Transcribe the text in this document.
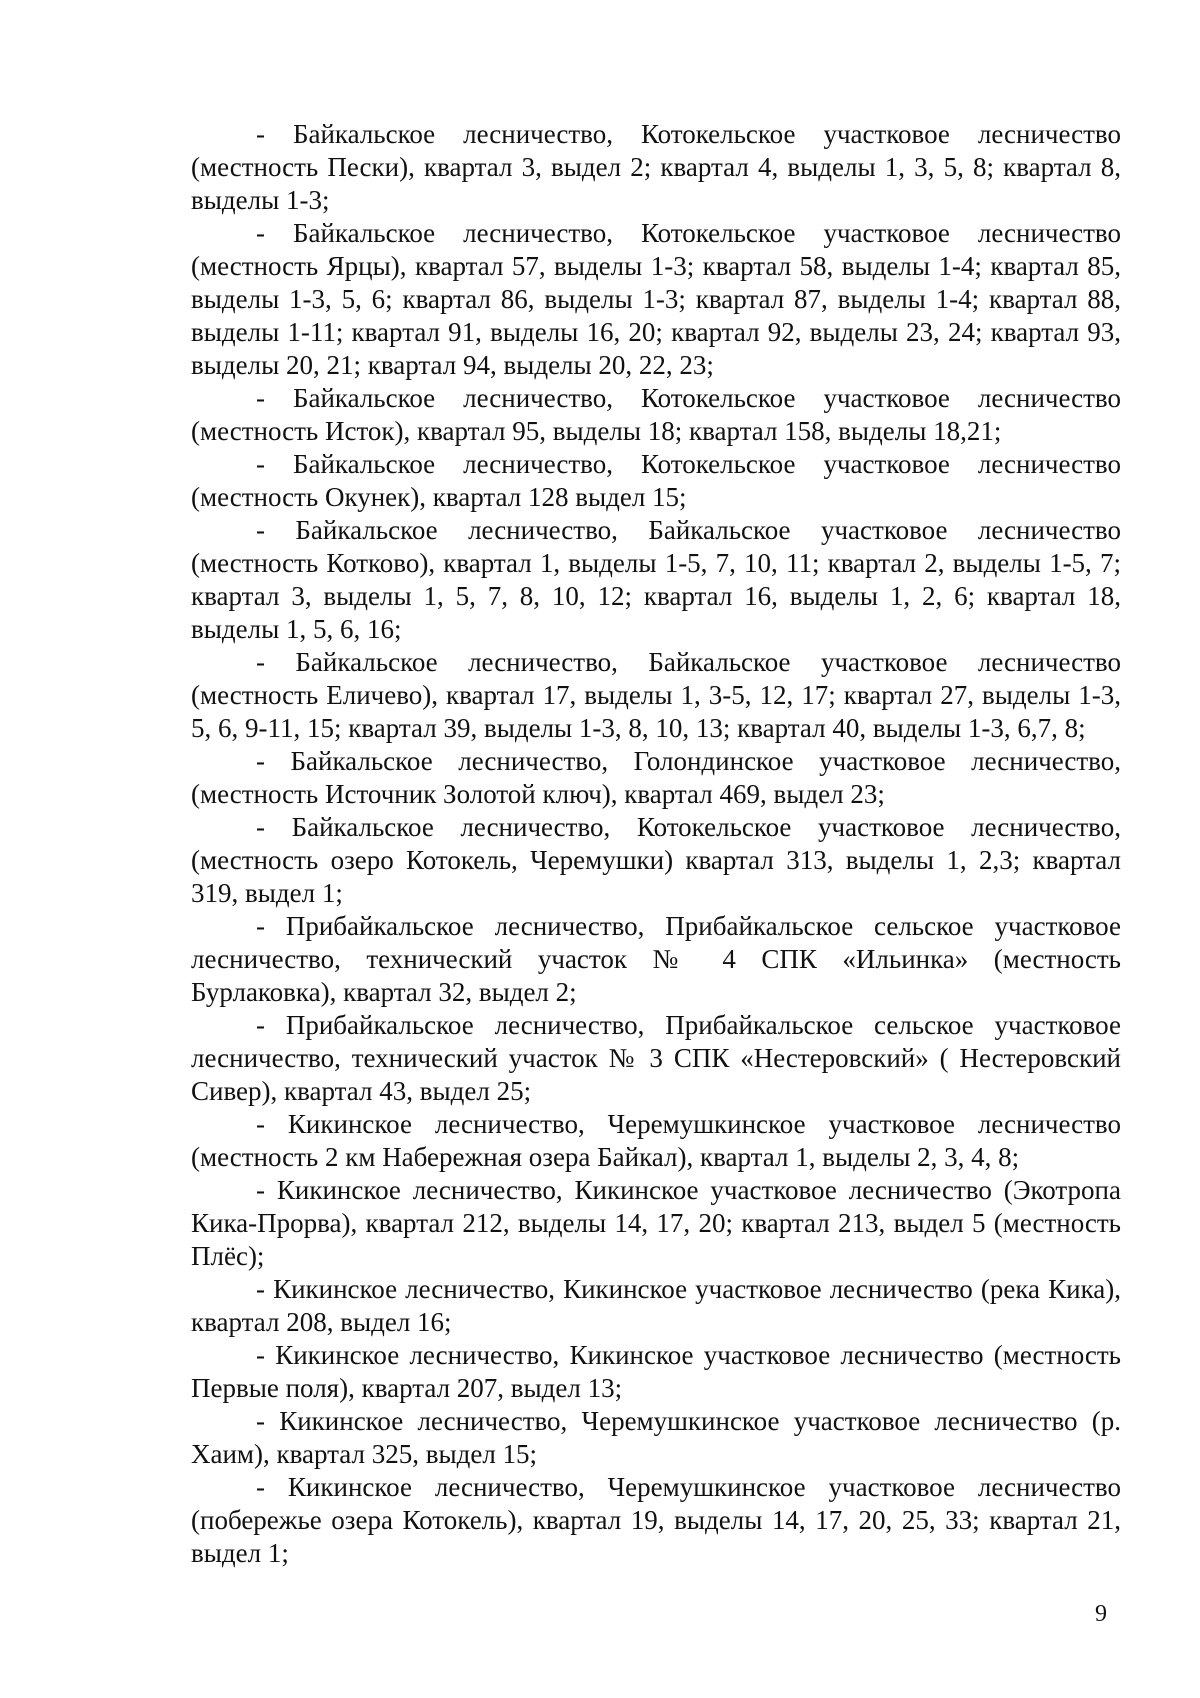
- Байкальское лесничество, Котокельское участковое лесничество (местность Пески), квартал 3, выдел 2; квартал 4, выделы 1, 3, 5, 8; квартал 8, выделы 1-3;

- Байкальское лесничество, Котокельское участковое лесничество (местность Ярцы), квартал 57, выделы 1-3; квартал 58, выделы 1-4; квартал 85, выделы 1-3, 5, 6; квартал 86, выделы 1-3; квартал 87, выделы 1-4; квартал 88, выделы 1-11; квартал 91, выделы 16, 20; квартал 92, выделы 23, 24; квартал 93, выделы 20, 21; квартал 94, выделы 20, 22, 23;

- Байкальское лесничество, Котокельское участковое лесничество (местность Исток), квартал 95, выделы 18; квартал 158, выделы 18,21;

- Байкальское лесничество, Котокельское участковое лесничество (местность Окунек), квартал 128 выдел 15;

- Байкальское лесничество, Байкальское участковое лесничество (местность Котково), квартал 1, выделы 1-5, 7, 10, 11; квартал 2, выделы 1-5, 7; квартал 3, выделы 1, 5, 7, 8, 10, 12; квартал 16, выделы 1, 2, 6; квартал 18, выделы 1, 5, 6, 16;

- Байкальское лесничество, Байкальское участковое лесничество (местность Еличево), квартал 17, выделы 1, 3-5, 12, 17; квартал 27, выделы 1-3, 5, 6, 9-11, 15; квартал 39, выделы 1-3, 8, 10, 13; квартал 40, выделы 1-3, 6,7, 8;

- Байкальское лесничество, Голондинское участковое лесничество, (местность Источник Золотой ключ), квартал 469, выдел 23;

- Байкальское лесничество, Котокельское участковое лесничество, (местность озеро Котокель, Черемушки) квартал 313, выделы 1, 2,3; квартал 319, выдел 1;

- Прибайкальское лесничество, Прибайкальское сельское участковое лесничество, технический участок № 4 СПК «Ильинка» (местность Бурлаковка), квартал 32, выдел 2;

- Прибайкальское лесничество, Прибайкальское сельское участковое лесничество, технический участок № 3 СПК «Нестеровский» ( Нестеровский Сивер), квартал 43, выдел 25;

- Кикинское лесничество, Черемушкинское участковое лесничество (местность 2 км Набережная озера Байкал), квартал 1, выделы 2, 3, 4, 8;

- Кикинское лесничество, Кикинское участковое лесничество (Экотропа Кика-Прорва), квартал 212, выделы 14, 17, 20; квартал 213, выдел 5 (местность Плёс);

- Кикинское лесничество, Кикинское участковое лесничество (река Кика), квартал 208, выдел 16;

- Кикинское лесничество, Кикинское участковое лесничество (местность Первые поля), квартал 207, выдел 13;

- Кикинское лесничество, Черемушкинское участковое лесничество (р. Хаим), квартал 325, выдел 15;

- Кикинское лесничество, Черемушкинское участковое лесничество (побережье озера Котокель), квартал 19, выделы 14, 17, 20, 25, 33; квартал 21, выдел 1;

9
